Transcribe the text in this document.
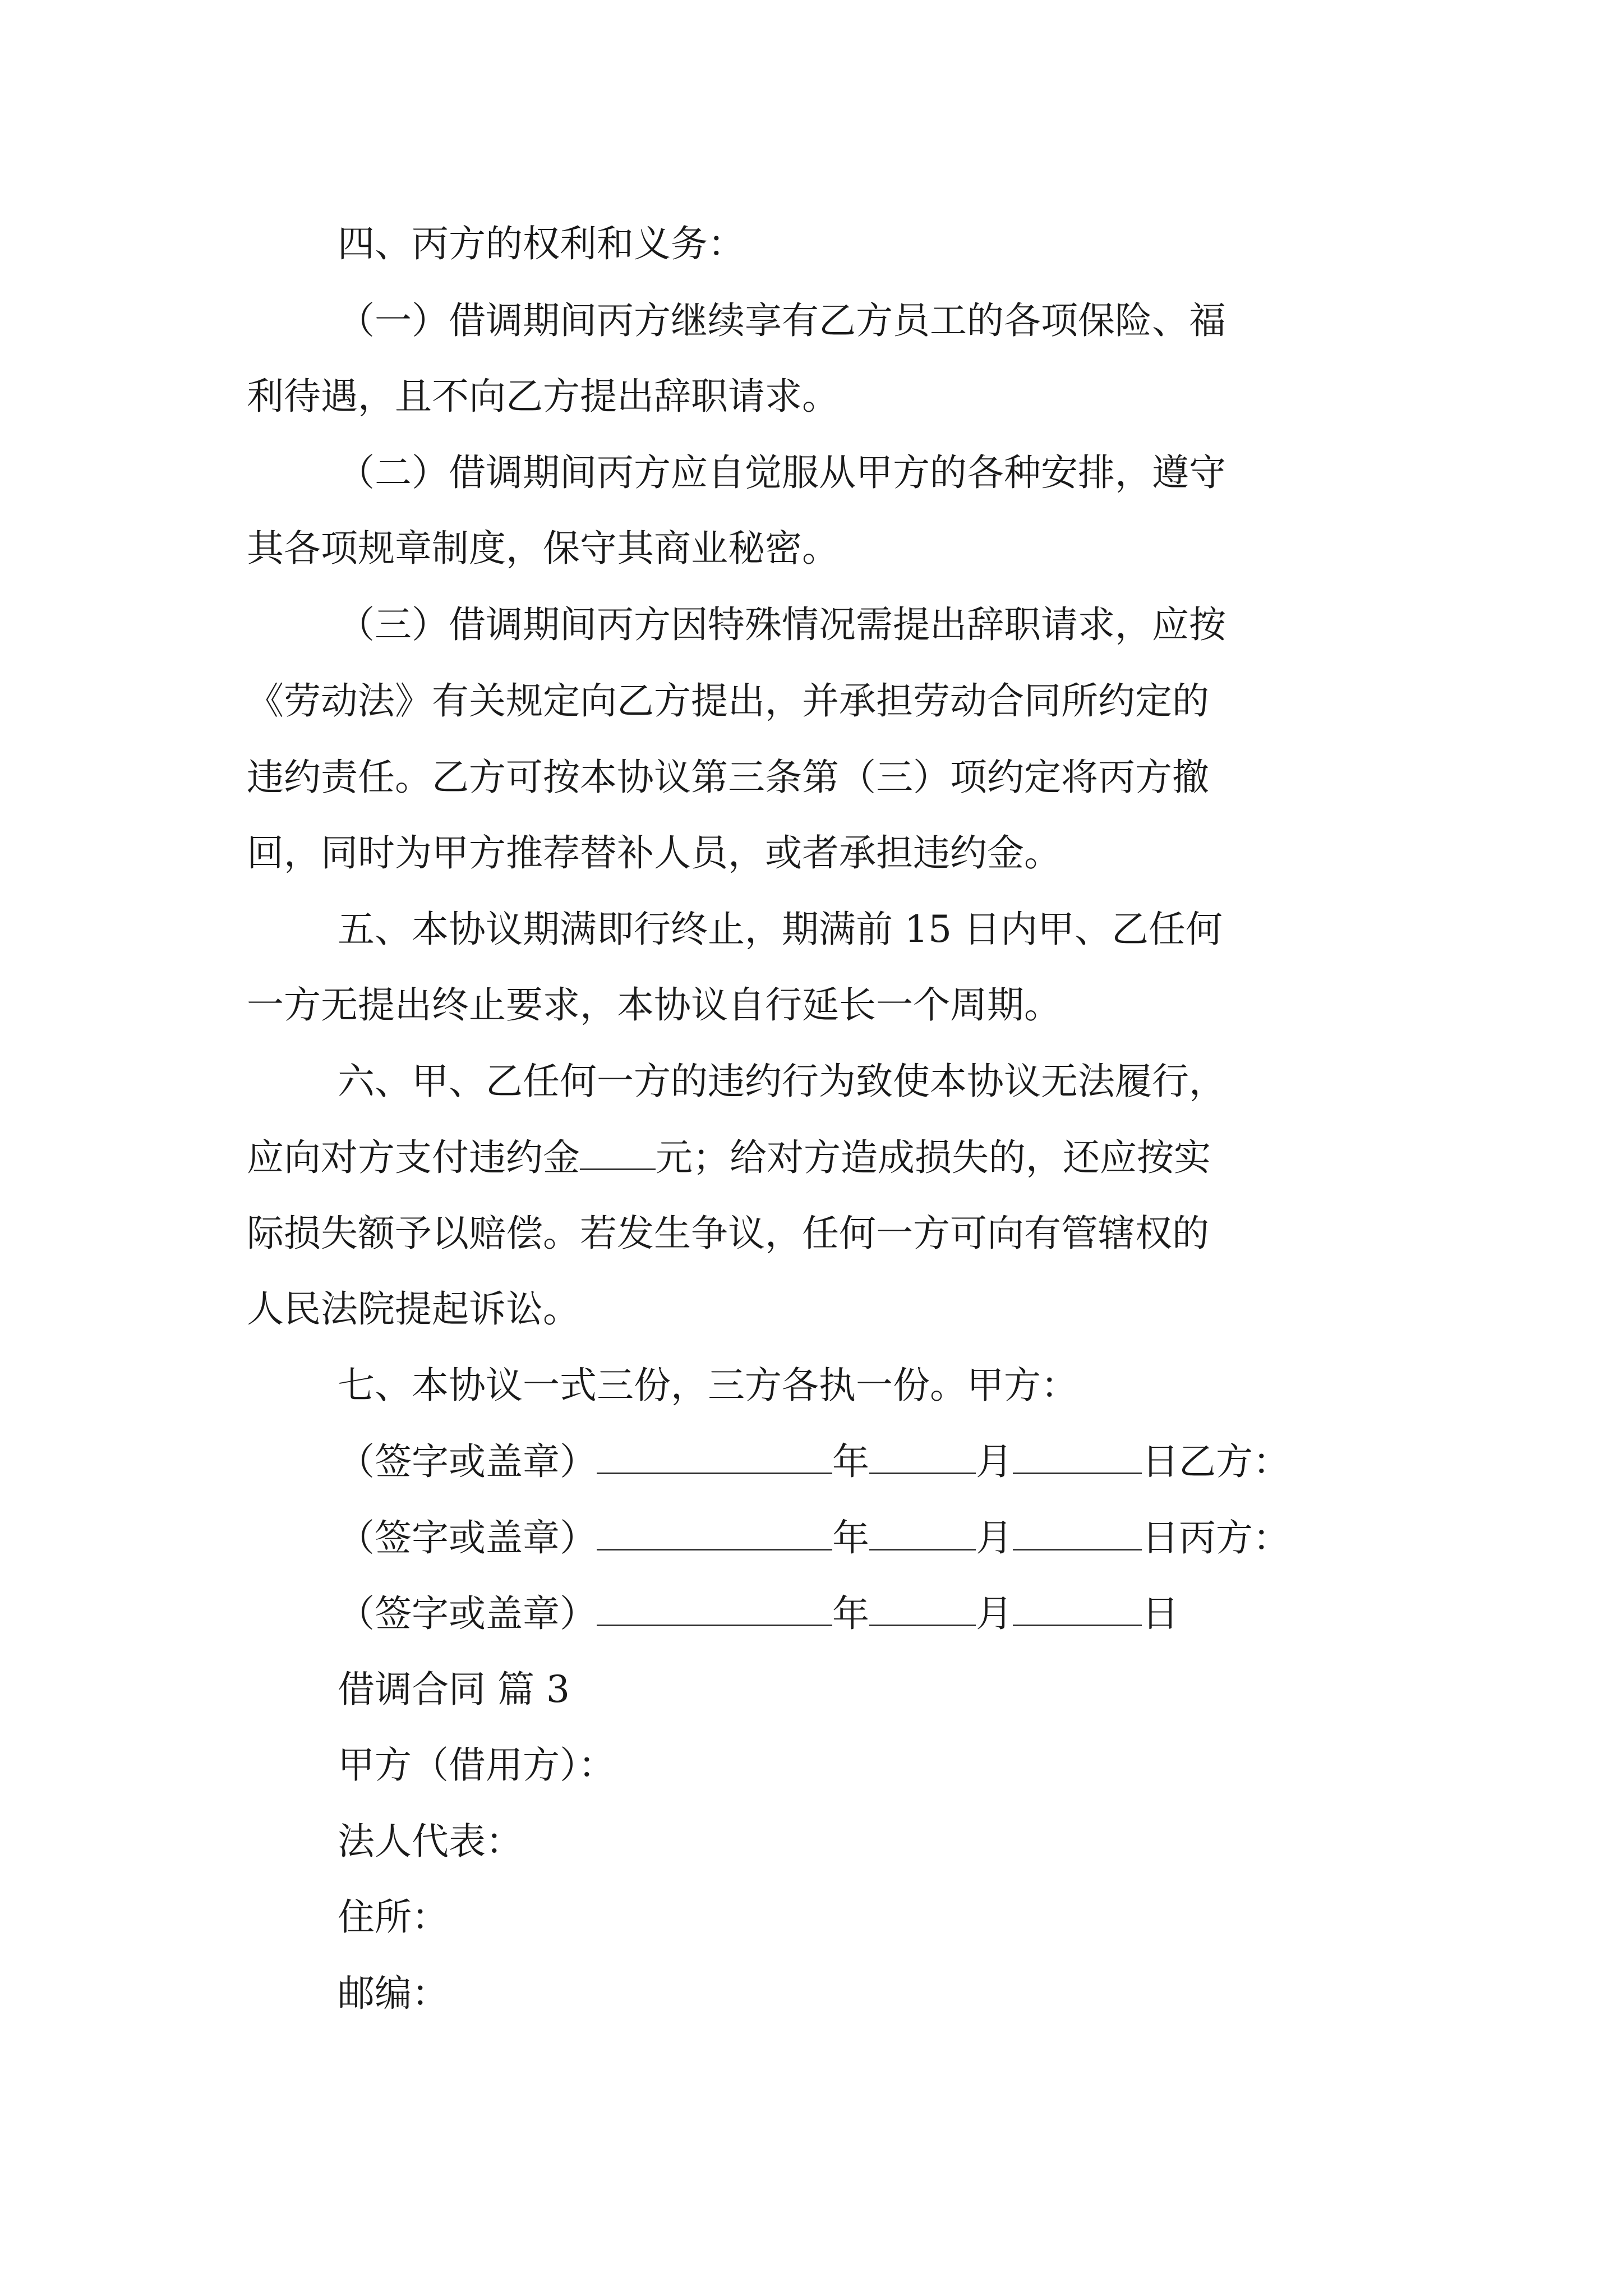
四、丙方的权利和义务：

（一）借调期间丙方继续享有乙方员工的各项保险、福

利待遇，且不向乙方提出辞职请求。

（二）借调期间丙方应自觉服从甲方的各种安排，遵守

其各项规章制度，保守其商业秘密。

（三）借调期间丙方因特殊情况需提出辞职请求，应按

《劳动法》有关规定向乙方提出，并承担劳动合同所约定的

违约责任。乙方可按本协议第三条第（三）项约定将丙方撤

回，同时为甲方推荐替补人员，或者承担违约金。

五、本协议期满即行终止，期满前 15 日内甲、乙任何

一方无提出终止要求，本协议自行延长一个周期。

六、甲、乙任何一方的违约行为致使本协议无法履行，

应向对方支付违约金 元；给对方造成损失的，还应按实

际损失额予以赔偿。若发生争议，任何一方可向有管辖权的

人民法院提起诉讼。

七、本协议一式三份，三方各执一份。甲方：

（签字或盖章）	年	月	日乙方：

（签字或盖章）	年	月	日丙方：

（签字或盖章）	年	月	日

借调合同 篇 3

甲方（借用方）：

法人代表：

住所：

邮编：
